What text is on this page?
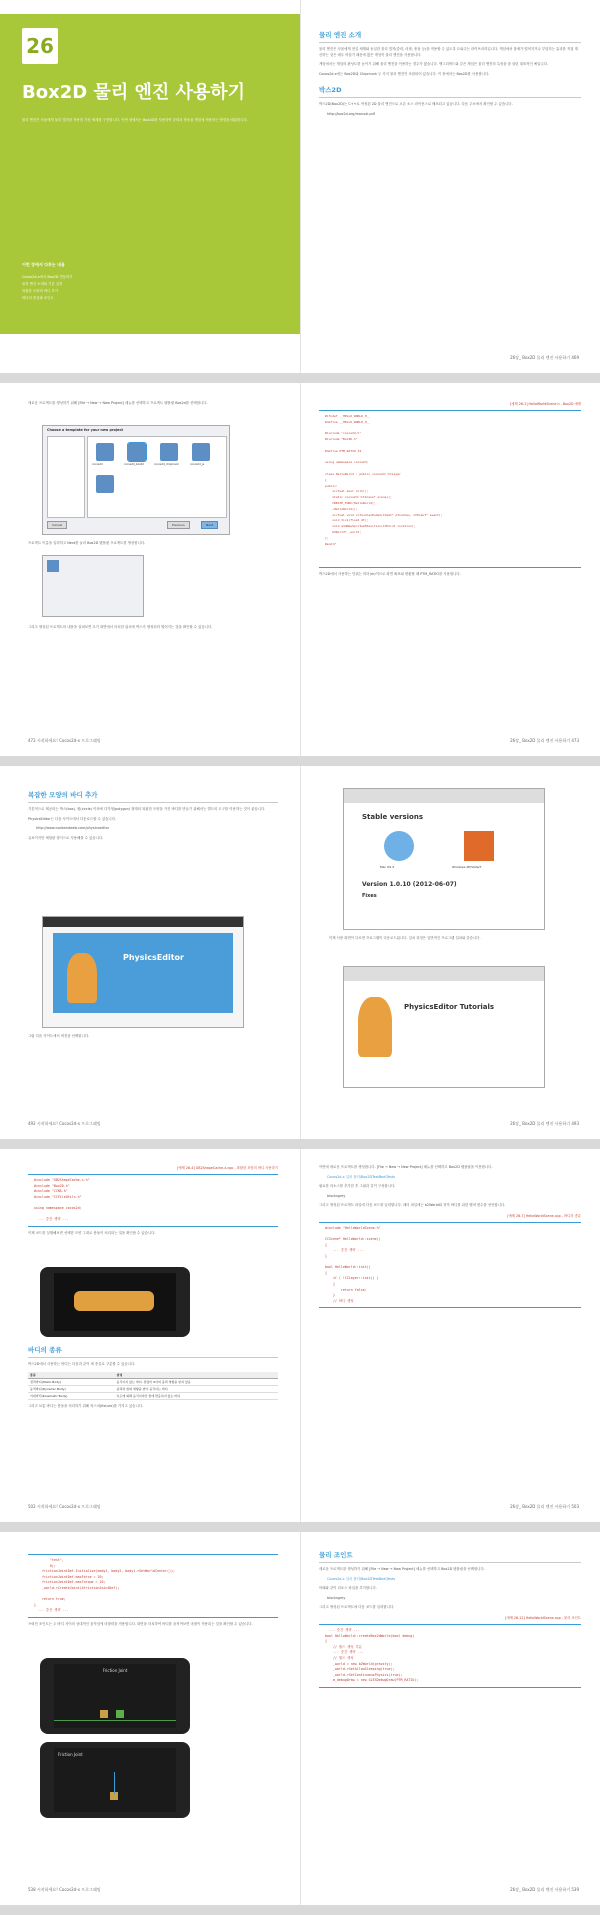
26
Box2D 물리 엔진 사용하기
물리 엔진은 사물에게 물리 법칙을 적용한 가상 세계를 구현합니다. 이번 장에서는 Box2D를 사용하여 중력과 충돌을 게임에 적용하는 방법을 배워봅니다.
이번 장에서 다루는 내용
Cocos2d-x에서 Box2D 연동하기
물리 엔진 소개와 기본 설정
복잡한 모양의 바디 추가
바디의 종류와 조인트
물리 엔진 소개
물리 엔진은 사물에게 현실 세계와 동일한 물리 법칙(중력, 마찰, 충돌 등)을 적용할 수 있도록 도와주는 라이브러리입니다. 게임에서 물체가 떨어지거나 부딪히는 효과를 직접 계산하는 것은 매우 어렵기 때문에 많은 게임이 물리 엔진을 사용합니다.
게임에서는 게임의 완성도를 높이기 위해 물리 엔진을 이용하는 경우가 많습니다. 앵그리버드와 같은 게임은 물리 엔진의 특성을 잘 살린 대표적인 예입니다.
Cocos2d-x에는 Box2D와 Chipmunk 두 가지 물리 엔진이 포함되어 있습니다. 이 장에서는 Box2D를 사용합니다.
박스2D
박스2D(Box2D)는 C++로 작성된 2D 물리 엔진으로 오픈 소스 라이선스로 배포되고 있습니다. 다음 주소에서 확인할 수 있습니다.
http://box2d.org/manual.pdf
26장_ Box2D 물리 엔진 사용하기 469
새로운 프로젝트를 생성하기 위해 [File → New → New Project] 메뉴를 선택하고 프로젝트 템플릿 Box2d를 선택합니다.
Choose a template for your new project
cocos2d	cocos2d_box2d	cocos2d_chipmunk	cocos2d_js
Cancel	Previous	Next
프로젝트 이름을 입력하고 Next를 눌러 Box2D 템플릿 프로젝트를 생성합니다.
그리고 생성된 프로젝트의 내용을 살펴보면 초기 화면에서 터치한 위치에 박스가 생성되어 떨어지는 것을 확인할 수 있습니다.
472 시작하세요! Cocos2d-x 프로그래밍
[예제 26-1] HelloWorldScene.h - Box2D 예제
#ifndef __HELLO_WORLD_H__
#define __HELLO_WORLD_H__

#include "cocos2d.h"
#include "Box2D.h"

#define PTM_RATIO 32

using namespace cocos2d;

class HelloWorld : public cocos2d::CCLayer
{
public:
virtual bool init();
static cocos2d::CCScene* scene();
CREATE_FUNC(HelloWorld);
~HelloWorld();
virtual void ccTouchesEnded(CCSet* pTouches, CCEvent* event);
void tick(float dt);
void addNewSpriteAtPosition(CCPoint location);
b2World* _world;
};
#endif
박스2D에서 사용하는 단위는 미터(m)이므로 화면 좌표와 변환할 때 PTM_RATIO를 사용합니다.
26장_ Box2D 물리 엔진 사용하기 473
복잡한 모양의 바디 추가
기본적으로 제공되는 박스(box), 원(circle) 이외에 다각형(polygon) 형태의 복잡한 모양을 가진 바디를 만들기 위해서는 별도의 도구를 이용하는 것이 좋습니다.
PhysicsEditor는 다음 사이트에서 다운로드할 수 있습니다.
http://www.codeandweb.com/physicseditor
유료이지만 체험판 형식으로 사용해볼 수 있습니다.
PhysicsEditor
그림 다음 사이트에서 버전을 선택합니다.
492 시작하세요! Cocos2d-x 프로그래밍
Stable versions
Mac OS X	Windows XP/Vista/7
Version 1.0.10 (2012-06-07)
Fixes
이제 사용 화면이 다르면 프로그램이 다운로드됩니다. 설치 과정은 일반적인 프로그램 설치와 같습니다.
PhysicsEditor Tutorials
26장_ Box2D 물리 엔진 사용하기 493
[예제 26-4] GB2ShapeCache-x.cpp - 복합한 모양의 바디 사용하기
#include "GB2ShapeCache-x.h"
#include "Box2D.h"
#include "CCNS.h"
#include "CCFileUtils.h"

using namespace cocos2d;

... 중간 생략 ...
이제 코드를 실행해보면 선택한 모양 그대로 충돌이 처리되는 것을 확인할 수 있습니다.
바디의 종류
박스2D에서 사용하는 바디는 다음과 같이 세 종류로 구분할 수 있습니다.
종류	설명
정적바디(Static Body)	움직이지 않는 바디. 질량이 0이며 중력 영향을 받지 않음
동적바디(Dynamic Body)	중력과 힘의 영향을 받아 움직이는 바디
키네마틱(Kinematic Body)	속도에 의해 움직이지만 힘에 반응하지 않는 바디
그리고 보통 바디는 충돌을 처리하기 위해 픽스처(fixture)를 가지고 있습니다.
502 시작하세요! Cocos2d-x 프로그래밍
이번에 새로운 프로젝트를 생성합니다. [File → New → New Project] 메뉴를 선택하고 Box2D 템플릿을 이용합니다.
Cocos2d-x 설치 폴더\Box2DTestBed\Tests
필요한 리소스를 추가한 후 그림과 같이 구성합니다.
blocksgrey
그리고 생성된 프로젝트 파일에 다음 코드를 입력합니다. 헤더 파일에는 b2World와 정적 바디를 위한 멤버 변수를 선언합니다.
[예제 26-7] HelloWorldScene.cpp - 바디의 종류
#include "HelloWorldScene.h"

CCScene* HelloWorld::scene()
{
... 중간 생략 ...
}

bool HelloWorld::init()
{
if ( !CCLayer::init() )
{
return false;
}
// 바디 생성
26장_ Box2D 물리 엔진 사용하기 503
"test",
0);
frictionJointDef.Initialize(body1, body2, body1->GetWorldCenter());
frictionJointDef.maxForce = 20;
frictionJointDef.maxTorque = 10;
_world->CreateJoint(&frictionJointDef);

return true;
}
... 중간 생략 ...
프릭션 조인트는 두 바디 사이의 상대적인 움직임에 마찰력을 적용합니다. 화면을 터치하여 바디를 움직여보면 마찰이 적용되는 것을 확인할 수 있습니다.
Friction Joint
Friction Joint
538 시작하세요! Cocos2d-x 프로그래밍
물리 조인트
새로운 프로젝트를 생성하기 위해 [File → New → New Project] 메뉴를 선택하고 Box2D 템플릿을 선택합니다.
Cocos2d-x 설치 폴더\Box2DTestBed\Tests
아래와 같이 리소스 파일을 추가합니다.
blocksgrey
그리고 생성된 프로젝트에 다음 코드를 입력합니다.
[예제 26-12] HelloWorldScene.cpp - 물리 조인트
... 중간 생략 ...
bool HelloWorld::createBox2dWorld(bool debug)
{
// 월드 생성 부분
... 중간 생략 ...
// 월드 생성
_world = new b2World(gravity);
_world->SetAllowSleeping(true);
_world->SetContinuousPhysics(true);
m_debugDraw = new GLESDebugDraw(PTM_RATIO);
26장_ Box2D 물리 엔진 사용하기 539
